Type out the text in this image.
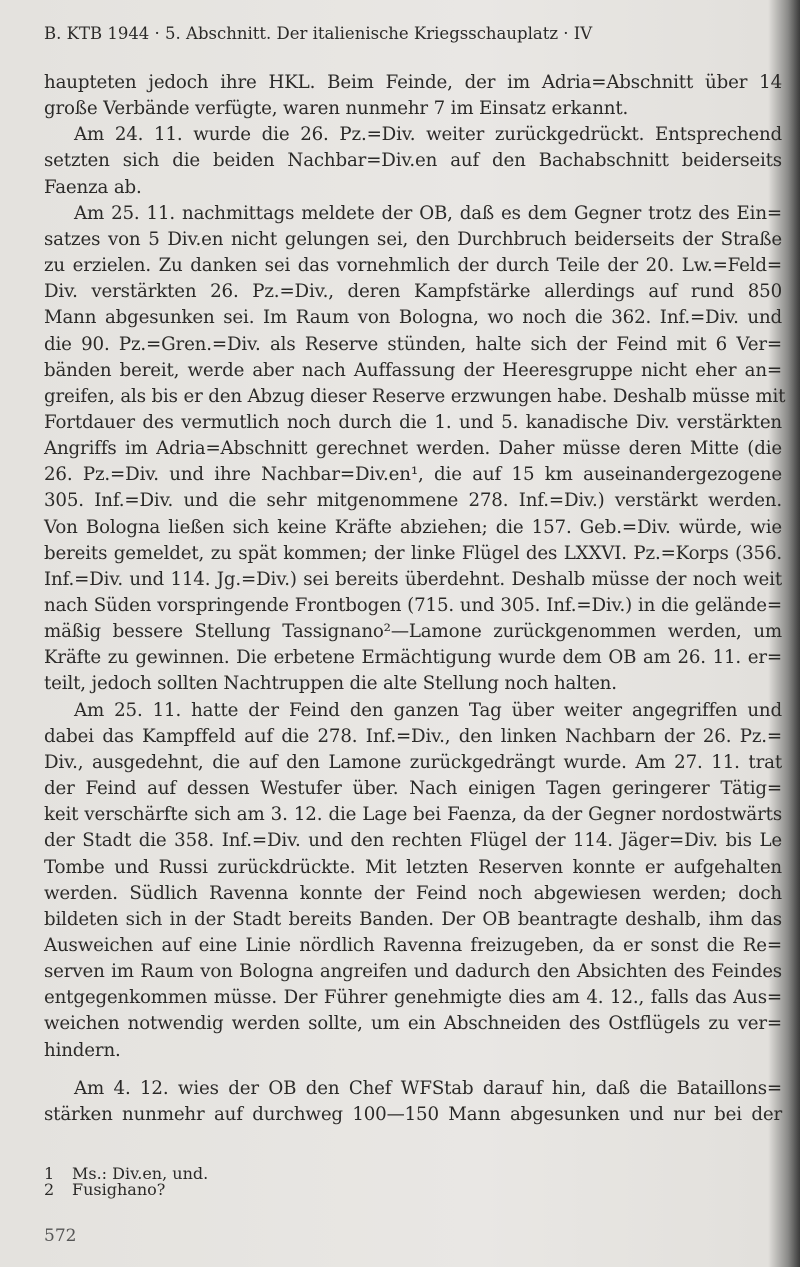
B. KTB 1944 · 5. Abschnitt. Der italienische Kriegsschauplatz · IV
haupteten jedoch ihre HKL. Beim Feinde, der im Adria=Abschnitt über 14
große Verbände verfügte, waren nunmehr 7 im Einsatz erkannt.
Am 24. 11. wurde die 26. Pz.=Div. weiter zurückgedrückt. Entsprechend
setzten sich die beiden Nachbar=Div.en auf den Bachabschnitt beiderseits
Faenza ab.
Am 25. 11. nachmittags meldete der OB, daß es dem Gegner trotz des Ein=
satzes von 5 Div.en nicht gelungen sei, den Durchbruch beiderseits der Straße
zu erzielen. Zu danken sei das vornehmlich der durch Teile der 20. Lw.=Feld=
Div. verstärkten 26. Pz.=Div., deren Kampfstärke allerdings auf rund 850
Mann abgesunken sei. Im Raum von Bologna, wo noch die 362. Inf.=Div. und
die 90. Pz.=Gren.=Div. als Reserve stünden, halte sich der Feind mit 6 Ver=
bänden bereit, werde aber nach Auffassung der Heeresgruppe nicht eher an=
greifen, als bis er den Abzug dieser Reserve erzwungen habe. Deshalb müsse mit
Fortdauer des vermutlich noch durch die 1. und 5. kanadische Div. verstärkten
Angriffs im Adria=Abschnitt gerechnet werden. Daher müsse deren Mitte (die
26. Pz.=Div. und ihre Nachbar=Div.en¹, die auf 15 km auseinandergezogene
305. Inf.=Div. und die sehr mitgenommene 278. Inf.=Div.) verstärkt werden.
Von Bologna ließen sich keine Kräfte abziehen; die 157. Geb.=Div. würde, wie
bereits gemeldet, zu spät kommen; der linke Flügel des LXXVI. Pz.=Korps (356.
Inf.=Div. und 114. Jg.=Div.) sei bereits überdehnt. Deshalb müsse der noch weit
nach Süden vorspringende Frontbogen (715. und 305. Inf.=Div.) in die gelände=
mäßig bessere Stellung Tassignano²—Lamone zurückgenommen werden, um
Kräfte zu gewinnen. Die erbetene Ermächtigung wurde dem OB am 26. 11. er=
teilt, jedoch sollten Nachtruppen die alte Stellung noch halten.
Am 25. 11. hatte der Feind den ganzen Tag über weiter angegriffen und
dabei das Kampffeld auf die 278. Inf.=Div., den linken Nachbarn der 26. Pz.=
Div., ausgedehnt, die auf den Lamone zurückgedrängt wurde. Am 27. 11. trat
der Feind auf dessen Westufer über. Nach einigen Tagen geringerer Tätig=
keit verschärfte sich am 3. 12. die Lage bei Faenza, da der Gegner nordostwärts
der Stadt die 358. Inf.=Div. und den rechten Flügel der 114. Jäger=Div. bis Le
Tombe und Russi zurückdrückte. Mit letzten Reserven konnte er aufgehalten
werden. Südlich Ravenna konnte der Feind noch abgewiesen werden; doch
bildeten sich in der Stadt bereits Banden. Der OB beantragte deshalb, ihm das
Ausweichen auf eine Linie nördlich Ravenna freizugeben, da er sonst die Re=
serven im Raum von Bologna angreifen und dadurch den Absichten des Feindes
entgegenkommen müsse. Der Führer genehmigte dies am 4. 12., falls das Aus=
weichen notwendig werden sollte, um ein Abschneiden des Ostflügels zu ver=
hindern.
Am 4. 12. wies der OB den Chef WFStab darauf hin, daß die Bataillons=
stärken nunmehr auf durchweg 100—150 Mann abgesunken und nur bei der
1 Ms.: Div.en, und.
2 Fusighano?
572
